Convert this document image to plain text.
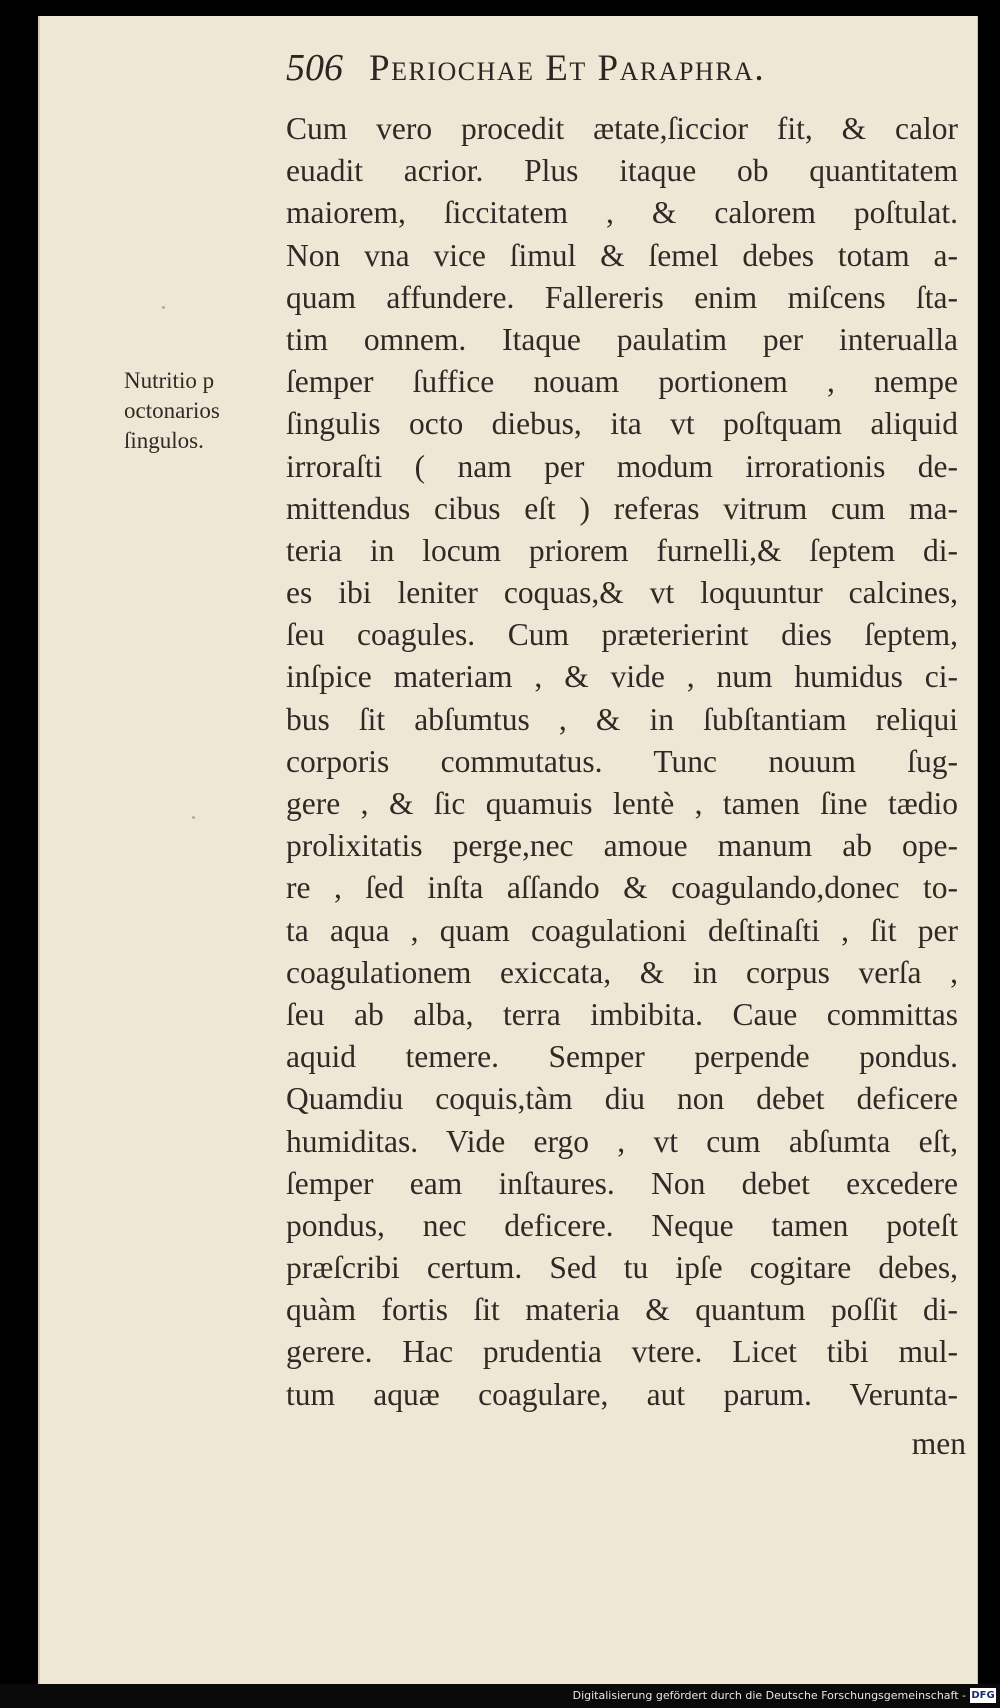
506 Periochae Et Paraphra.
Cum vero procedit ætate,ſiccior fit, & calor
euadit acrior. Plus itaque ob quantitatem
maiorem, ſiccitatem , & calorem poſtulat.
Non vna vice ſimul & ſemel debes totam a-
quam affundere. Fallereris enim miſcens ſta-
tim omnem. Itaque paulatim per interualla
ſemper ſuffice nouam portionem , nempe
ſingulis octo diebus, ita vt poſtquam aliquid
irroraſti ( nam per modum irrorationis de-
mittendus cibus eſt ) referas vitrum cum ma-
teria in locum priorem furnelli,& ſeptem di-
es ibi leniter coquas,& vt loquuntur calcines,
ſeu coagules. Cum præterierint dies ſeptem,
inſpice materiam , & vide , num humidus ci-
bus ſit abſumtus , & in ſubſtantiam reliqui
corporis commutatus. Tunc nouum ſug-
gere , & ſic quamuis lentè , tamen ſine tædio
prolixitatis perge,nec amoue manum ab ope-
re , ſed inſta aſſando & coagulando,donec to-
ta aqua , quam coagulationi deſtinaſti , ſit per
coagulationem exiccata, & in corpus verſa ,
ſeu ab alba, terra imbibita. Caue committas
aquid temere. Semper perpende pondus.
Quamdiu coquis,tàm diu non debet deficere
humiditas. Vide ergo , vt cum abſumta eſt,
ſemper eam inſtaures. Non debet excedere
pondus, nec deficere. Neque tamen poteſt
præſcribi certum. Sed tu ipſe cogitare debes,
quàm fortis ſit materia & quantum poſſit di-
gerere. Hac prudentia vtere. Licet tibi mul-
tum aquæ coagulare, aut parum. Verunta-
men
Nutritio p
octonarios
ſingulos.
Digitalisierung gefördert durch die Deutsche Forschungsgemeinschaft - DFG
